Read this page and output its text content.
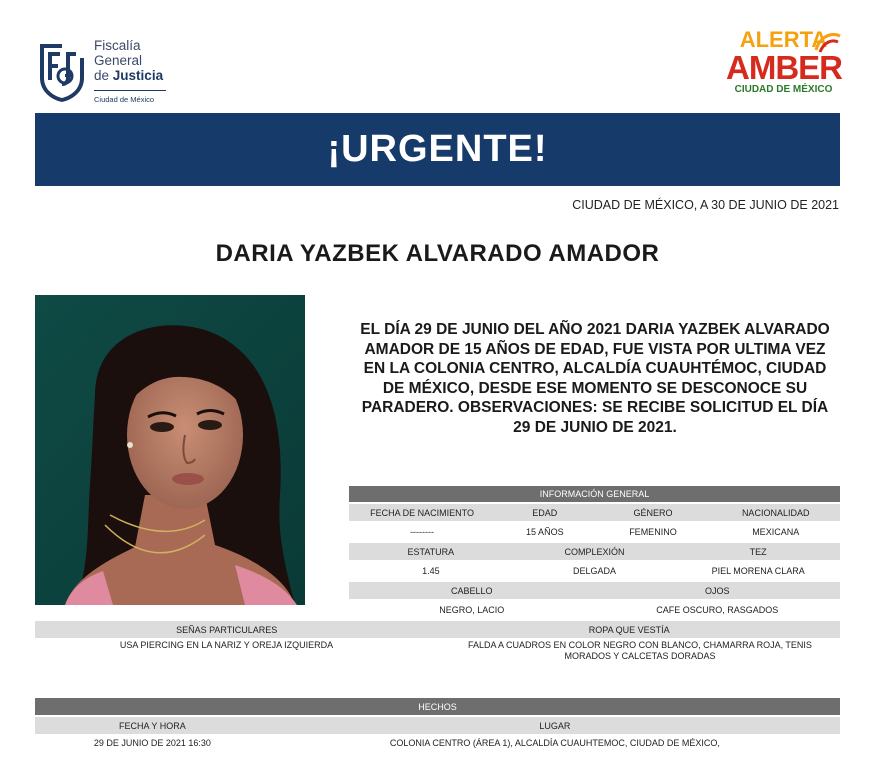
Fiscalía
General
de Justicia
Ciudad de México
ALERTA
AMBER
CIUDAD DE MÉXICO
¡URGENTE!
CIUDAD DE MÉXICO, A 30 DE JUNIO DE 2021
DARIA YAZBEK ALVARADO AMADOR
EL DÍA 29 DE JUNIO DEL AÑO 2021 DARIA YAZBEK ALVARADO AMADOR DE 15 AÑOS DE EDAD, FUE VISTA POR ULTIMA VEZ EN LA COLONIA CENTRO, ALCALDÍA CUAUHTÉMOC, CIUDAD DE MÉXICO, DESDE ESE MOMENTO SE DESCONOCE SU PARADERO. OBSERVACIONES: SE RECIBE SOLICITUD EL DÍA 29 DE JUNIO DE 2021.
INFORMACIÓN GENERAL
FECHA DE NACIMIENTO	EDAD	GÉNERO	NACIONALIDAD
--------	15 AÑOS	FEMENINO	MEXICANA
ESTATURA	COMPLEXIÓN	TEZ
1.45	DELGADA	PIEL MORENA CLARA
CABELLO	OJOS
NEGRO, LACIO	CAFE OSCURO, RASGADOS
SEÑAS PARTICULARES	ROPA QUE VESTÍA
USA PIERCING EN LA NARIZ Y OREJA IZQUIERDA	FALDA A CUADROS EN COLOR NEGRO CON BLANCO, CHAMARRA ROJA, TENIS MORADOS Y CALCETAS DORADAS
HECHOS
FECHA Y HORA	LUGAR
29 DE JUNIO DE 2021 16:30	COLONIA CENTRO (ÁREA 1), ALCALDÍA CUAUHTEMOC, CIUDAD DE MÉXICO,
